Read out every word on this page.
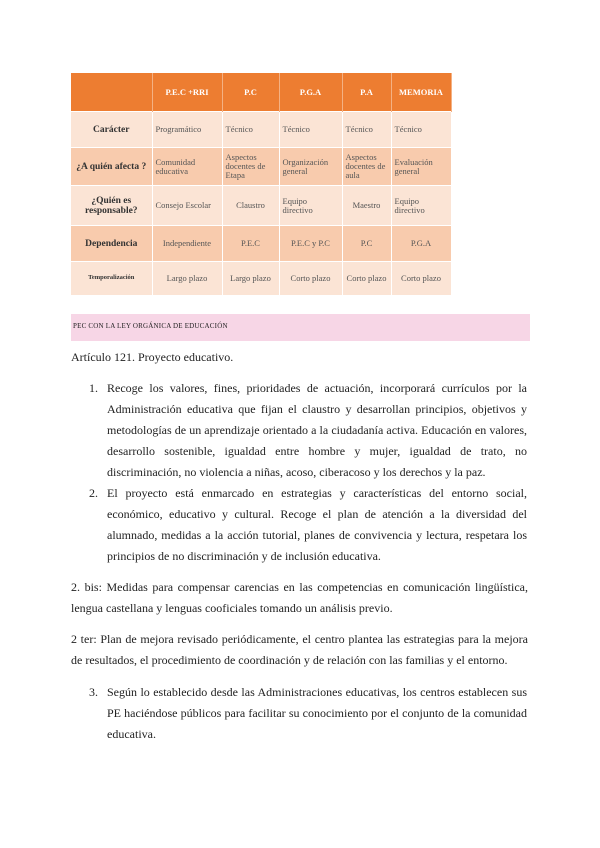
	P.E.C +RRI	P.C	P.G.A	P.A	MEMORIA
Carácter	Programático	Técnico	Técnico	Técnico	Técnico
¿A quién afecta ?	Comunidad educativa	Aspectos docentes de Etapa	Organización general	Aspectos docentes de aula	Evaluación general
¿Quién es responsable?	Consejo Escolar	Claustro	Equipo directivo	Maestro	Equipo directivo
Dependencia	Independiente	P.E.C	P.E.C y P.C	P.C	P.G.A
Temporalización	Largo plazo	Largo plazo	Corto plazo	Corto plazo	Corto plazo
PEC CON LA LEY ORGÁNICA DE EDUCACIÓN
Artículo 121. Proyecto educativo.
1. Recoge los valores, fines, prioridades de actuación, incorporará currículos por la Administración educativa que fijan el claustro y desarrollan principios, objetivos y metodologías de un aprendizaje orientado a la ciudadanía activa. Educación en valores, desarrollo sostenible, igualdad entre hombre y mujer, igualdad de trato, no discriminación, no violencia a niñas, acoso, ciberacoso y los derechos y la paz.
2. El proyecto está enmarcado en estrategias y características del entorno social, económico, educativo y cultural. Recoge el plan de atención a la diversidad del alumnado, medidas a la acción tutorial, planes de convivencia y lectura, respetara los principios de no discriminación y de inclusión educativa.
2. bis: Medidas para compensar carencias en las competencias en comunicación lingüística, lengua castellana y lenguas cooficiales tomando un análisis previo.
2 ter: Plan de mejora revisado periódicamente, el centro plantea las estrategias para la mejora de resultados, el procedimiento de coordinación y de relación con las familias y el entorno.
3. Según lo establecido desde las Administraciones educativas, los centros establecen sus PE haciéndose públicos para facilitar su conocimiento por el conjunto de la comunidad educativa.
